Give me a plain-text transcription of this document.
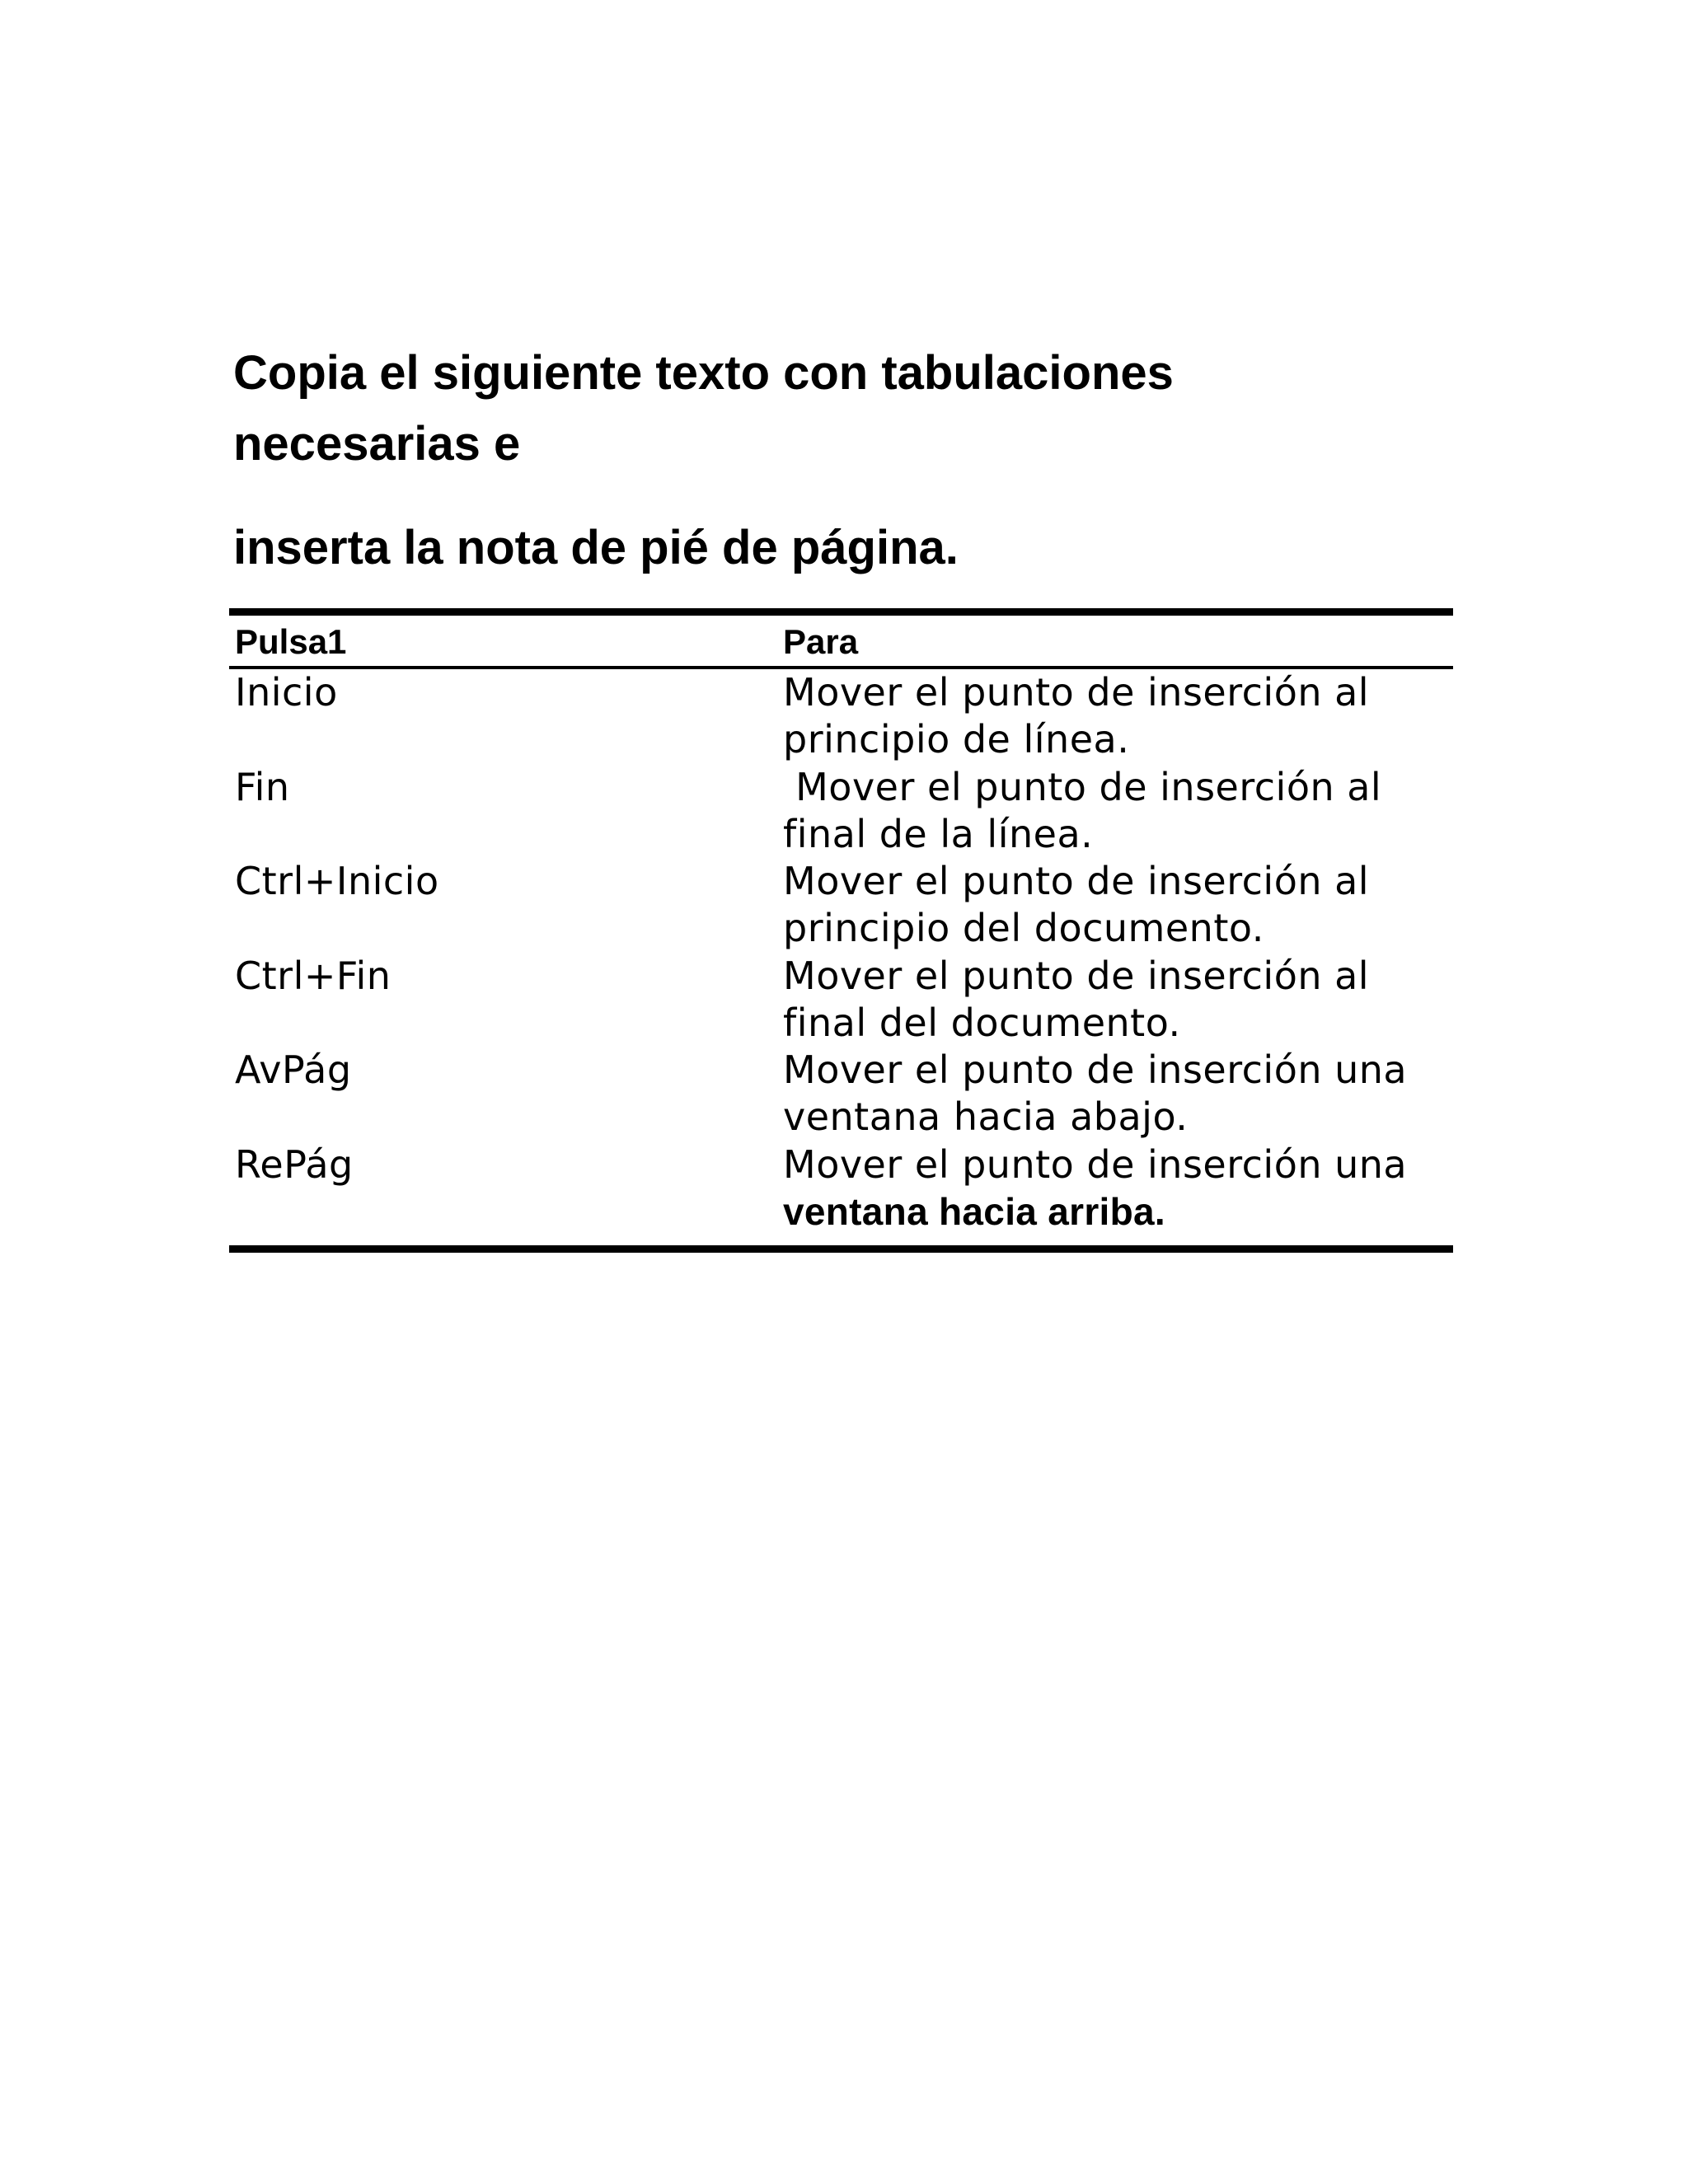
Copia el siguiente texto con tabulaciones
necesarias e
inserta la nota de pié de página.
Pulsa1	Para
Inicio	Mover el punto de inserción al
principio de línea.
Fin	Mover el punto de inserción al
final de la línea.
Ctrl+Inicio	Mover el punto de inserción al
principio del documento.
Ctrl+Fin	Mover el punto de inserción al
final del documento.
AvPág	Mover el punto de inserción una
ventana hacia abajo.
RePág	Mover el punto de inserción una
ventana hacia arriba.
